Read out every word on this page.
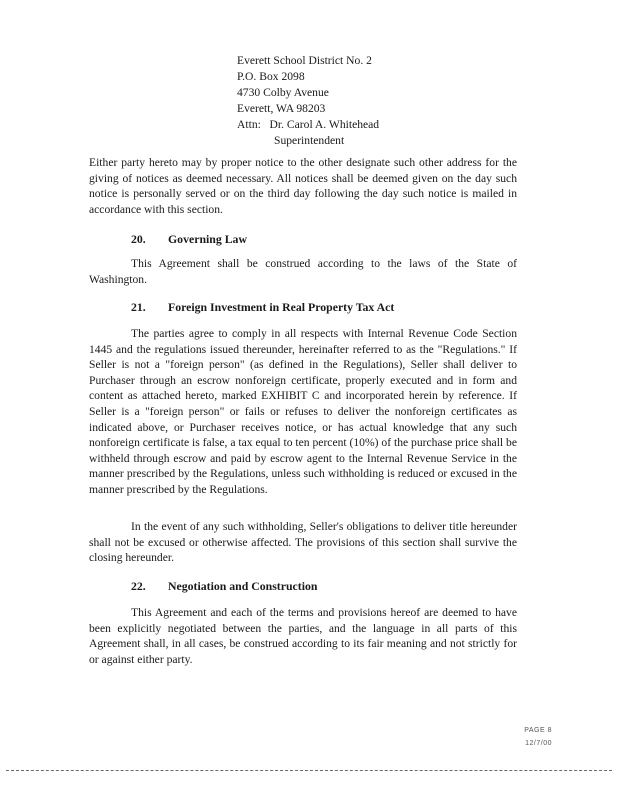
Everett School District No. 2
P.O. Box 2098
4730 Colby Avenue
Everett, WA 98203
Attn:   Dr. Carol A. Whitehead
Superintendent
Either party hereto may by proper notice to the other designate such other address for the giving of notices as deemed necessary. All notices shall be deemed given on the day such notice is personally served or on the third day following the day such notice is mailed in accordance with this section.
20. Governing Law
This Agreement shall be construed according to the laws of the State of Washington.
21. Foreign Investment in Real Property Tax Act
The parties agree to comply in all respects with Internal Revenue Code Section 1445 and the regulations issued thereunder, hereinafter referred to as the "Regulations." If Seller is not a "foreign person" (as defined in the Regulations), Seller shall deliver to Purchaser through an escrow nonforeign certificate, properly executed and in form and content as attached hereto, marked EXHIBIT C and incorporated herein by reference. If Seller is a "foreign person" or fails or refuses to deliver the nonforeign certificates as indicated above, or Purchaser receives notice, or has actual knowledge that any such nonforeign certificate is false, a tax equal to ten percent (10%) of the purchase price shall be withheld through escrow and paid by escrow agent to the Internal Revenue Service in the manner prescribed by the Regulations, unless such withholding is reduced or excused in the manner prescribed by the Regulations.
In the event of any such withholding, Seller's obligations to deliver title hereunder shall not be excused or otherwise affected. The provisions of this section shall survive the closing hereunder.
22. Negotiation and Construction
This Agreement and each of the terms and provisions hereof are deemed to have been explicitly negotiated between the parties, and the language in all parts of this Agreement shall, in all cases, be construed according to its fair meaning and not strictly for or against either party.
PAGE 8
12/7/00
